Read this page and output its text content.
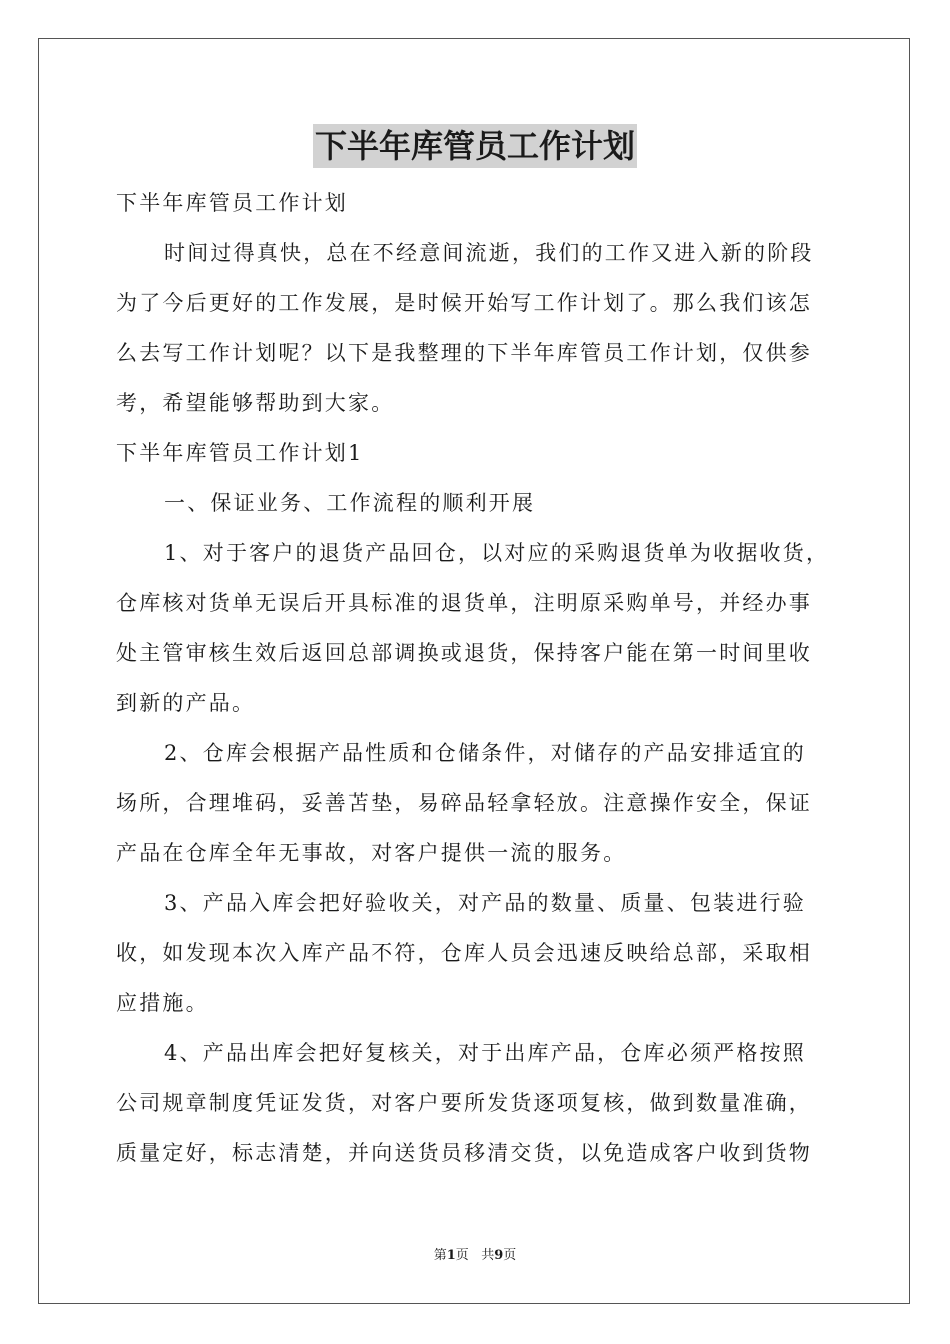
下半年库管员工作计划
下半年库管员工作计划
时间过得真快，总在不经意间流逝，我们的工作又进入新的阶段
为了今后更好的工作发展，是时候开始写工作计划了。那么我们该怎
么去写工作计划呢？以下是我整理的下半年库管员工作计划，仅供参
考，希望能够帮助到大家。
下半年库管员工作计划1
一、保证业务、工作流程的顺利开展
1、对于客户的退货产品回仓，以对应的采购退货单为收据收货，
仓库核对货单无误后开具标准的退货单，注明原采购单号，并经办事
处主管审核生效后返回总部调换或退货，保持客户能在第一时间里收
到新的产品。
2、仓库会根据产品性质和仓储条件，对储存的产品安排适宜的
场所，合理堆码，妥善苫垫，易碎品轻拿轻放。注意操作安全，保证
产品在仓库全年无事故，对客户提供一流的服务。
3、产品入库会把好验收关，对产品的数量、质量、包装进行验
收，如发现本次入库产品不符，仓库人员会迅速反映给总部，采取相
应措施。
4、产品出库会把好复核关，对于出库产品，仓库必须严格按照
公司规章制度凭证发货，对客户要所发货逐项复核，做到数量准确，
质量定好，标志清楚，并向送货员移清交货，以免造成客户收到货物
第1页 共9页
